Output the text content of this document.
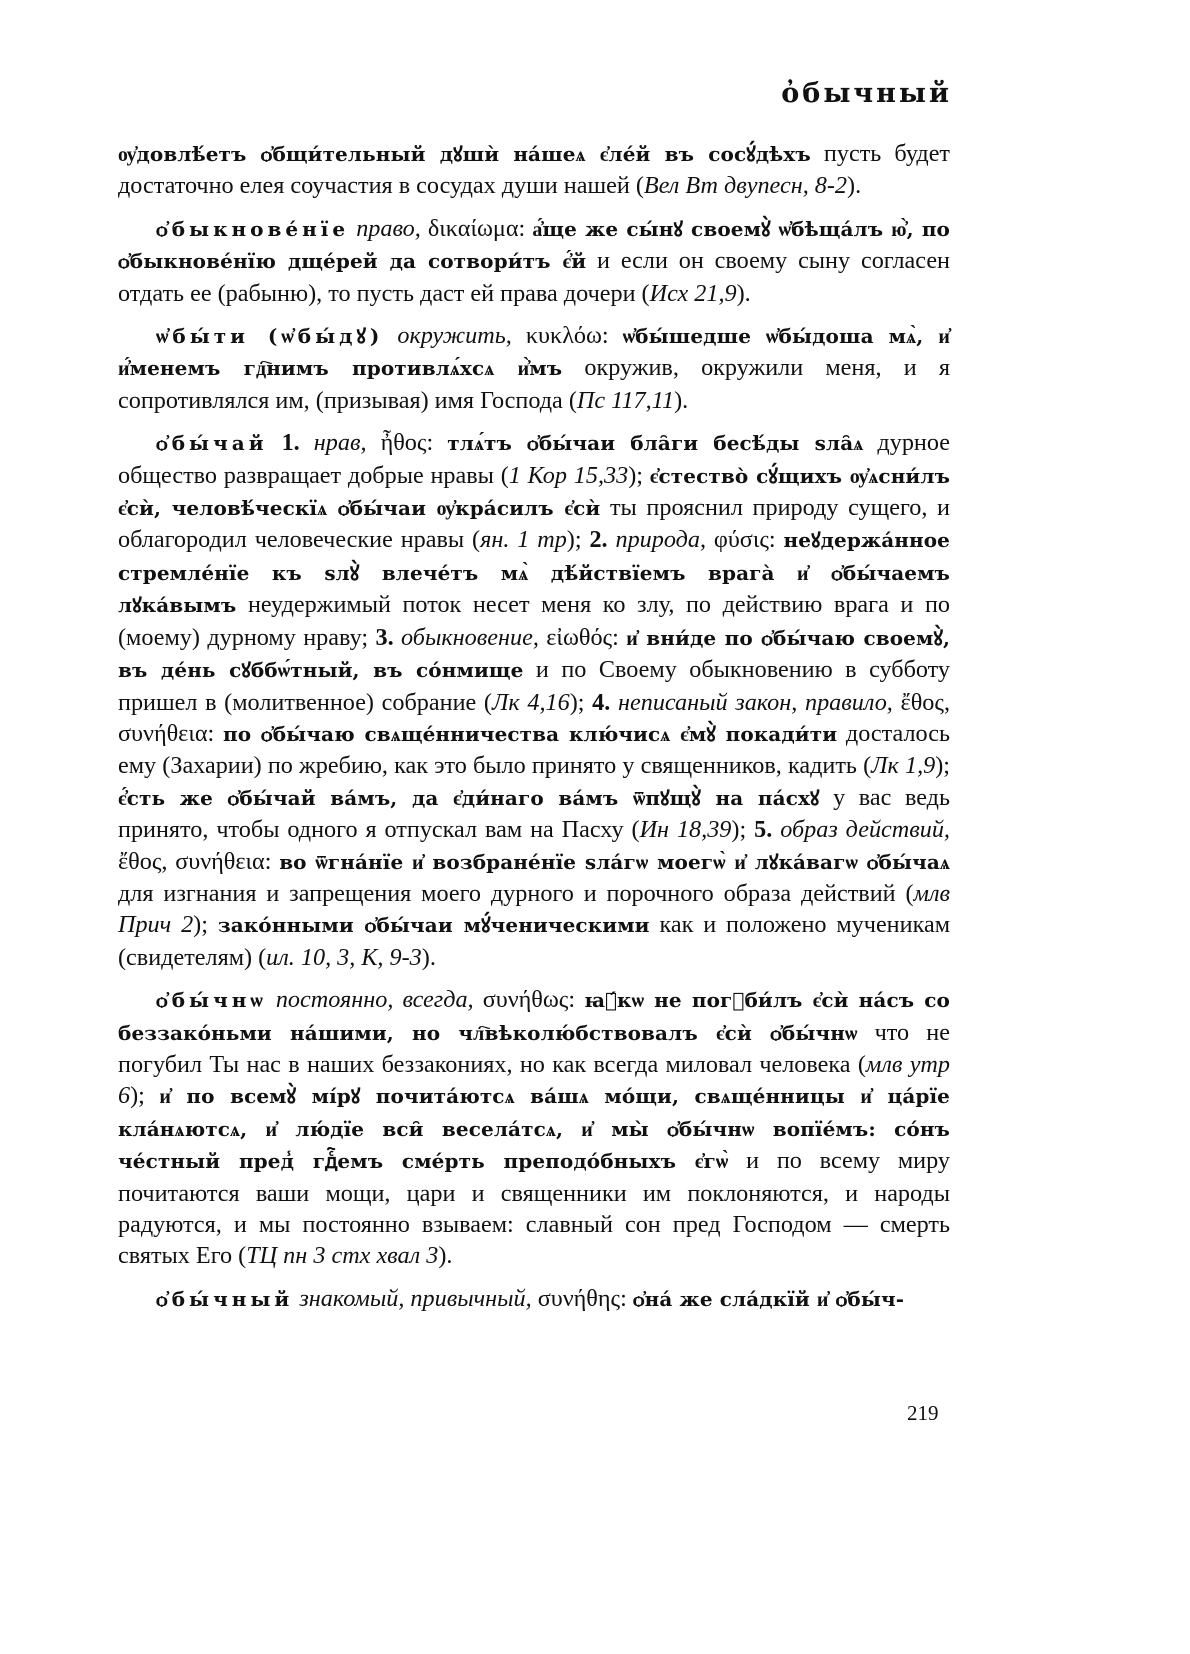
ὀбычный

ѹ҆довлѣ́етъ ѻ҆бщи́тельный дꙋшѝ на́шеѧ є҆ле́й въ сосꙋ́дѣхъ пусть будет достаточно елея соучастия в сосудах души нашей (Вел Вт двупесн, 8-2).

ѻ҆быкнове́нїе право, δικαίωμα: а҆́ще же сы́нꙋ своемꙋ̀ ѡ҆бѣща́лъ ю҆̀, по ѻ҆быкнове́нїю дще́рей да сотвори́тъ є҆́й и если он своему сыну согласен отдать ее (рабыню), то пусть даст ей права дочери (Исх 21,9).

ѡ҆бы́ти (ѡ҆бы́дꙋ) окружить, κυκλόω: ѡ҆бы́шедше ѡ҆бы́доша мѧ̀, и҆ и҆́менемъ гд҇нимъ противлѧ́хсѧ и҆̀мъ окружив, окружили меня, и я сопротивлялся им, (призывая) имя Господа (Пс 117,11).

ѻ҆бы́чай 1. нрав, ἦθος: тлѧ́тъ ѻ҆бы́чаи бла̑ги бесѣ́ды ѕла̑ѧ дурное общество развращает добрые нравы (1 Кор 15,33); є҆стество̀ сꙋ́щихъ ѹ҆ѧсни́лъ є҆сѝ, человѣ́ческїѧ ѻ҆бы́чаи ѹ҆кра́силъ є҆сѝ ты прояснил природу сущего, и облагородил человеческие нравы (ян. 1 тр); 2. природа, φύσις: неꙋдержа́нное стремле́нїе къ ѕлꙋ̀ влече́тъ мѧ̀ дѣ́йствїемъ врага̀ и҆ ѻ҆бы́чаемъ лꙋка́вымъ неудержимый поток несет меня ко злу, по действию врага и по (моему) дурному нраву; 3. обыкновение, εἰωθός: и҆ вни́де по ѻ҆бы́чаю своемꙋ̀, въ де́нь сꙋббѡ́тный, въ со́нмище и по Своему обыкновению в субботу пришел в (молитвенное) собрание (Лк 4,16); 4. неписаный закон, правило, ἔθος, συνήθεια: по ѻ҆бы́чаю свѧще́нничества клю́чисѧ є҆мꙋ̀ покади́ти досталось ему (Захарии) по жребию, как это было принято у священников, кадить (Лк 1,9); є҆́сть же ѻ҆бы́чай ва́мъ, да є҆ди́наго ва́мъ ѿпꙋщꙋ̀ на па́схꙋ у вас ведь принято, чтобы одного я отпускал вам на Пасху (Ин 18,39); 5. образ действий, ἔθος, συνήθεια: во ѿгна́нїе и҆ возбране́нїе ѕла́гѡ моегѡ̀ и҆ лꙋка́вагѡ ѻ҆бы́чаѧ для изгнания и запрещения моего дурного и порочного образа действий (млв Прич 2); зако́нными ѻ҆бы́чаи мꙋ́ченическими как и положено мученикам (свидетелям) (ил. 10, 3, К, 9-3).

ѻ҆бы́чнѡ постоянно, всегда, συνήθως: ꙗ҆́кѡ не погꙋби́лъ є҆сѝ на́съ со беззако́ньми на́шими, но чл҇вѣколю́бствовалъ є҆сѝ ѻ҆бы́чнѡ что не погубил Ты нас в наших беззакониях, но как всегда миловал человека (млв утр 6); и҆ по всемꙋ̀ мі́рꙋ почита́ютсѧ ва́шѧ мо́щи, свѧще́нницы и҆ ца́рїе кла́нѧютсѧ, и҆ лю́дїе вси̑ весела́тсѧ, и҆ мы̀ ѻ҆бы́чнѡ вопїе́мъ: со́нъ че́стный пред̾ гдⷭ҇емъ сме́рть преподо́бныхъ є҆гѡ̀ и по всему миру почитаются ваши мощи, цари и священники им поклоняются, и народы радуются, и мы постоянно взываем: славный сон пред Господом — смерть святых Его (ТЦ пн 3 стх хвал 3).

ѻ҆бы́чный знакомый, привычный, συνήθης: ѻ҆на́ же сла́дкїй и҆ ѻ҆бы́ч-

219
